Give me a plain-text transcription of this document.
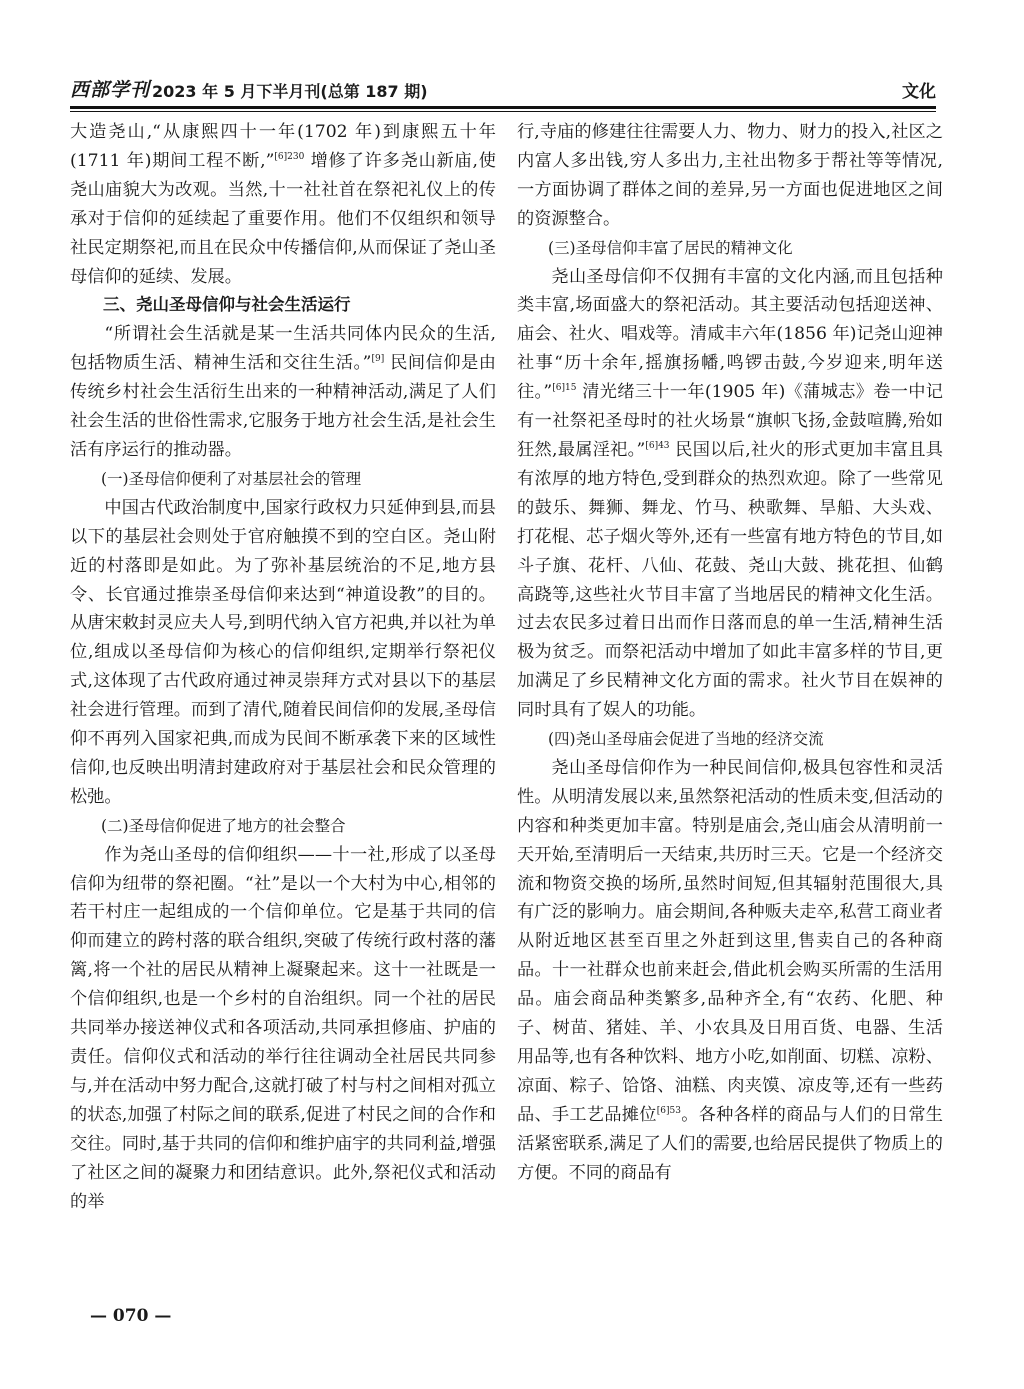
西部学刊 2023 年 5 月下半月刊(总第 187 期)	文化

大造尧山,“从康熙四十一年(1702 年)到康熙五十年(1711 年)期间工程不断,”$^{[6]230}$ 增修了许多尧山新庙,使尧山庙貌大为改观。当然,十一社社首在祭祀礼仪上的传承对于信仰的延续起了重要作用。他们不仅组织和领导社民定期祭祀,而且在民众中传播信仰,从而保证了尧山圣母信仰的延续、发展。

三、尧山圣母信仰与社会生活运行

“所谓社会生活就是某一生活共同体内民众的生活,包括物质生活、精神生活和交往生活。”[9] 民间信仰是由传统乡村社会生活衍生出来的一种精神活动,满足了人们社会生活的世俗性需求,它服务于地方社会生活,是社会生活有序运行的推动器。

(一)圣母信仰便利了对基层社会的管理

中国古代政治制度中,国家行政权力只延伸到县,而县以下的基层社会则处于官府触摸不到的空白区。尧山附近的村落即是如此。为了弥补基层统治的不足,地方县令、长官通过推崇圣母信仰来达到“神道设教”的目的。从唐宋敕封灵应夫人号,到明代纳入官方祀典,并以社为单位,组成以圣母信仰为核心的信仰组织,定期举行祭祀仪式,这体现了古代政府通过神灵崇拜方式对县以下的基层社会进行管理。而到了清代,随着民间信仰的发展,圣母信仰不再列入国家祀典,而成为民间不断承袭下来的区域性信仰,也反映出明清封建政府对于基层社会和民众管理的松弛。

(二)圣母信仰促进了地方的社会整合

作为尧山圣母的信仰组织——十一社,形成了以圣母信仰为纽带的祭祀圈。“社”是以一个大村为中心,相邻的若干村庄一起组成的一个信仰单位。它是基于共同的信仰而建立的跨村落的联合组织,突破了传统行政村落的藩篱,将一个社的居民从精神上凝聚起来。这十一社既是一个信仰组织,也是一个乡村的自治组织。同一个社的居民共同举办接送神仪式和各项活动,共同承担修庙、护庙的责任。信仰仪式和活动的举行往往调动全社居民共同参与,并在活动中努力配合,这就打破了村与村之间相对孤立的状态,加强了村际之间的联系,促进了村民之间的合作和交往。同时,基于共同的信仰和维护庙宇的共同利益,增强了社区之间的凝聚力和团结意识。此外,祭祀仪式和活动的举

行,寺庙的修建往往需要人力、物力、财力的投入,社区之内富人多出钱,穷人多出力,主社出物多于帮社等等情况,一方面协调了群体之间的差异,另一方面也促进地区之间的资源整合。

(三)圣母信仰丰富了居民的精神文化

尧山圣母信仰不仅拥有丰富的文化内涵,而且包括种类丰富,场面盛大的祭祀活动。其主要活动包括迎送神、庙会、社火、唱戏等。清咸丰六年(1856 年)记尧山迎神社事“历十余年,摇旗扬幡,鸣锣击鼓,今岁迎来,明年送往。”$^{[6]15}$ 清光绪三十一年(1905 年)《蒲城志》卷一中记有一社祭祀圣母时的社火场景“旗帜飞扬,金鼓喧腾,殆如狂然,最属淫祀。”$^{[6]43}$ 民国以后,社火的形式更加丰富且具有浓厚的地方特色,受到群众的热烈欢迎。除了一些常见的鼓乐、舞狮、舞龙、竹马、秧歌舞、旱船、大头戏、打花棍、芯子烟火等外,还有一些富有地方特色的节目,如斗子旗、花杆、八仙、花鼓、尧山大鼓、挑花担、仙鹤高跷等,这些社火节目丰富了当地居民的精神文化生活。过去农民多过着日出而作日落而息的单一生活,精神生活极为贫乏。而祭祀活动中增加了如此丰富多样的节目,更加满足了乡民精神文化方面的需求。社火节目在娱神的同时具有了娱人的功能。

(四)尧山圣母庙会促进了当地的经济交流

尧山圣母信仰作为一种民间信仰,极具包容性和灵活性。从明清发展以来,虽然祭祀活动的性质未变,但活动的内容和种类更加丰富。特别是庙会,尧山庙会从清明前一天开始,至清明后一天结束,共历时三天。它是一个经济交流和物资交换的场所,虽然时间短,但其辐射范围很大,具有广泛的影响力。庙会期间,各种贩夫走卒,私营工商业者从附近地区甚至百里之外赶到这里,售卖自己的各种商品。十一社群众也前来赶会,借此机会购买所需的生活用品。庙会商品种类繁多,品种齐全,有“农药、化肥、种子、树苗、猪娃、羊、小农具及日用百货、电器、生活用品等,也有各种饮料、地方小吃,如削面、切糕、凉粉、凉面、粽子、饸饹、油糕、肉夹馍、凉皮等,还有一些药品、手工艺品摊位$^{[6]53}$。各种各样的商品与人们的日常生活紧密联系,满足了人们的需要,也给居民提供了物质上的方便。不同的商品有

— 070 —
